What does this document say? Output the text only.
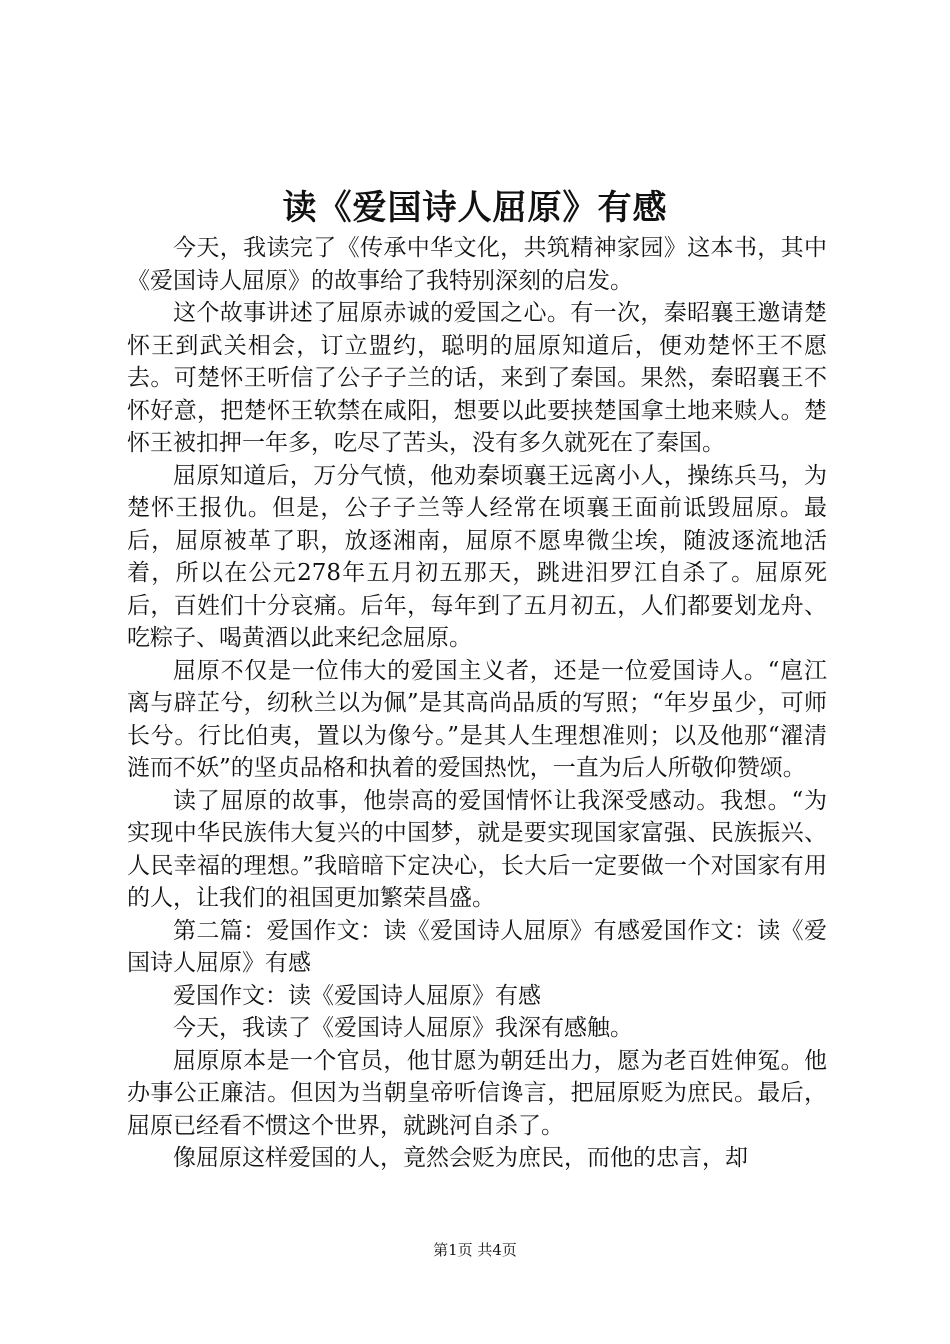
读《爱国诗人屈原》有感

今天，我读完了《传承中华文化，共筑精神家园》这本书，其中《爱国诗人屈原》的故事给了我特别深刻的启发。

这个故事讲述了屈原赤诚的爱国之心。有一次，秦昭襄王邀请楚怀王到武关相会，订立盟约，聪明的屈原知道后，便劝楚怀王不愿去。可楚怀王听信了公子子兰的话，来到了秦国。果然，秦昭襄王不怀好意，把楚怀王软禁在咸阳，想要以此要挟楚国拿土地来赎人。楚怀王被扣押一年多，吃尽了苦头，没有多久就死在了秦国。

屈原知道后，万分气愤，他劝秦顷襄王远离小人，操练兵马，为楚怀王报仇。但是，公子子兰等人经常在顷襄王面前诋毁屈原。最后，屈原被革了职，放逐湘南，屈原不愿卑微尘埃，随波逐流地活着，所以在公元278年五月初五那天，跳进汨罗江自杀了。屈原死后，百姓们十分哀痛。后年，每年到了五月初五，人们都要划龙舟、吃粽子、喝黄酒以此来纪念屈原。

屈原不仅是一位伟大的爱国主义者，还是一位爱国诗人。“扈江离与辟芷兮，纫秋兰以为佩”是其高尚品质的写照；“年岁虽少，可师长兮。行比伯夷，置以为像兮。”是其人生理想准则；以及他那“濯清涟而不妖”的坚贞品格和执着的爱国热忱，一直为后人所敬仰赞颂。

读了屈原的故事，他崇高的爱国情怀让我深受感动。我想。“为实现中华民族伟大复兴的中国梦，就是要实现国家富强、民族振兴、人民幸福的理想。”我暗暗下定决心，长大后一定要做一个对国家有用的人，让我们的祖国更加繁荣昌盛。

第二篇：爱国作文：读《爱国诗人屈原》有感爱国作文：读《爱国诗人屈原》有感

爱国作文：读《爱国诗人屈原》有感

今天，我读了《爱国诗人屈原》我深有感触。

屈原原本是一个官员，他甘愿为朝廷出力，愿为老百姓伸冤。他办事公正廉洁。但因为当朝皇帝听信谗言，把屈原贬为庶民。最后，屈原已经看不惯这个世界，就跳河自杀了。

像屈原这样爱国的人，竟然会贬为庶民，而他的忠言，却

第1页 共4页
